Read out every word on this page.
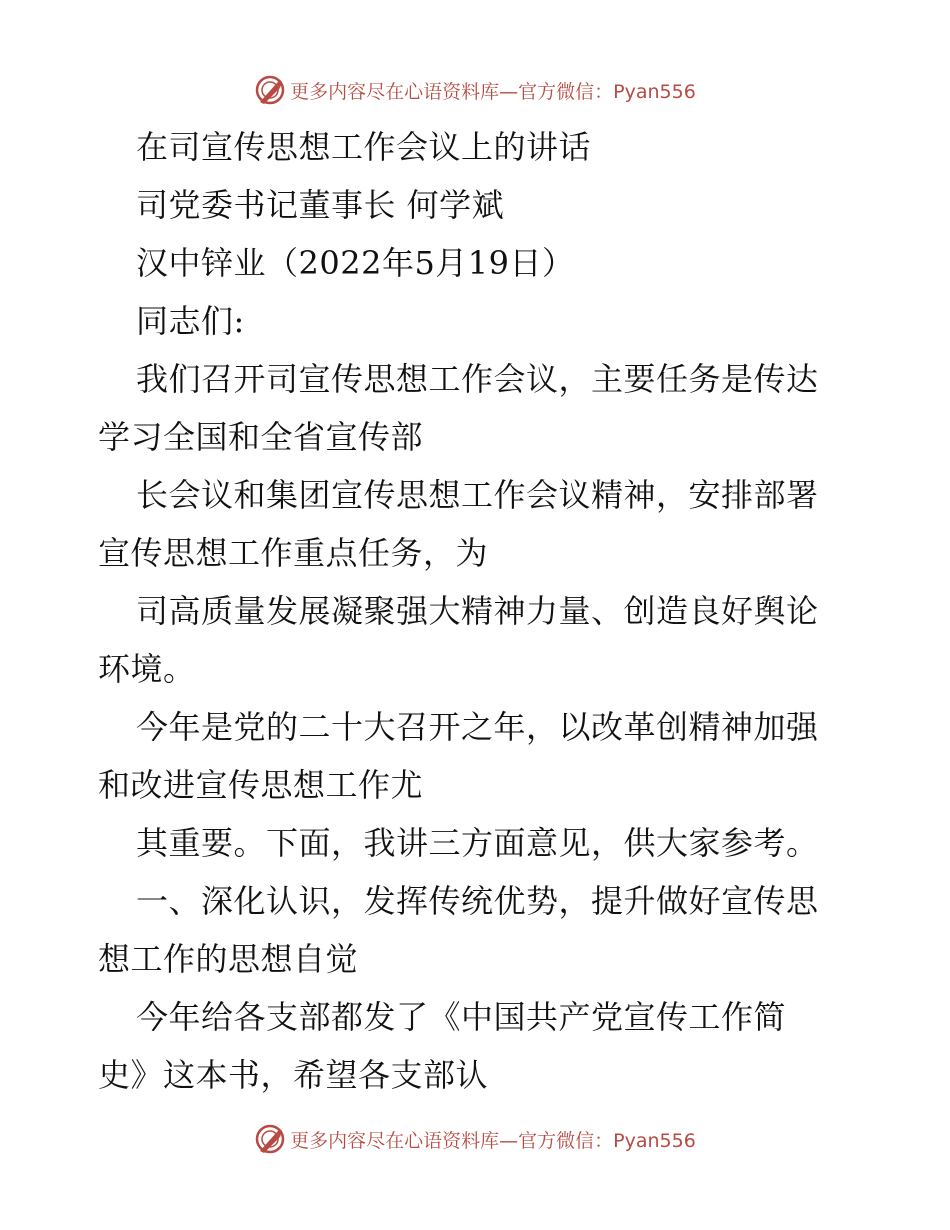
更多内容尽在心语资料库—官方微信：Pyan556
在司宣传思想工作会议上的讲话
司党委书记董事长 何学斌
汉中锌业（2022年5月19日）
同志们:
我们召开司宣传思想工作会议，主要任务是传达
学习全国和全省宣传部
长会议和集团宣传思想工作会议精神，安排部署
宣传思想工作重点任务，为
司高质量发展凝聚强大精神力量、创造良好舆论
环境。
今年是党的二十大召开之年，以改革创精神加强
和改进宣传思想工作尤
其重要。下面，我讲三方面意见，供大家参考。
一、深化认识，发挥传统优势，提升做好宣传思
想工作的思想自觉
今年给各支部都发了《中国共产党宣传工作简
史》这本书，希望各支部认
更多内容尽在心语资料库—官方微信：Pyan556
